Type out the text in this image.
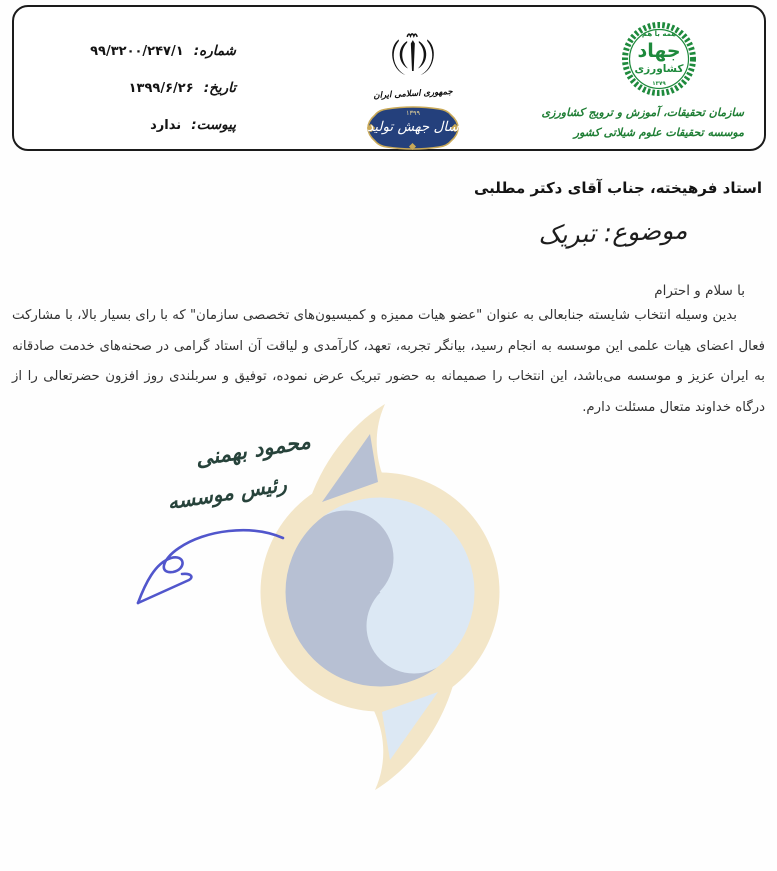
شماره: ۹۹/۳۲۰۰/۲۴۷/۱
تاریخ: ۱۳۹۹/۶/۲۶
پیوست: ندارد
جمهوری اسلامی ایران
۱۳۹۹
سال جهش تولید
همه با هم
جهاد
کشاورزی
۱۳۷۹
سازمان تحقیقات، آموزش و ترویج کشاورزی
موسسه تحقیقات علوم شیلاتی کشور
استاد فرهیخته، جناب آقای دکتر مطلبی
موضوع: تبریک
با سلام و احترام
بدین وسیله انتخاب شایسته جنابعالی به عنوان "عضو هیات ممیزه و کمیسیون‌های تخصصی سازمان" که با رای بسیار بالا، با مشارکت فعال اعضای هیات علمی این موسسه به انجام رسید، بیانگر تجربه، تعهد، کارآمدی و لیاقت آن استاد گرامی در صحنه‌های خدمت صادقانه به ایران عزیز و موسسه می‌باشد، این انتخاب را صمیمانه به حضور تبریک عرض نموده، توفیق و سربلندی روز افزون حضرتعالی را از درگاه خداوند متعال مسئلت دارم.
محمود بهمنی
رئیس موسسه
